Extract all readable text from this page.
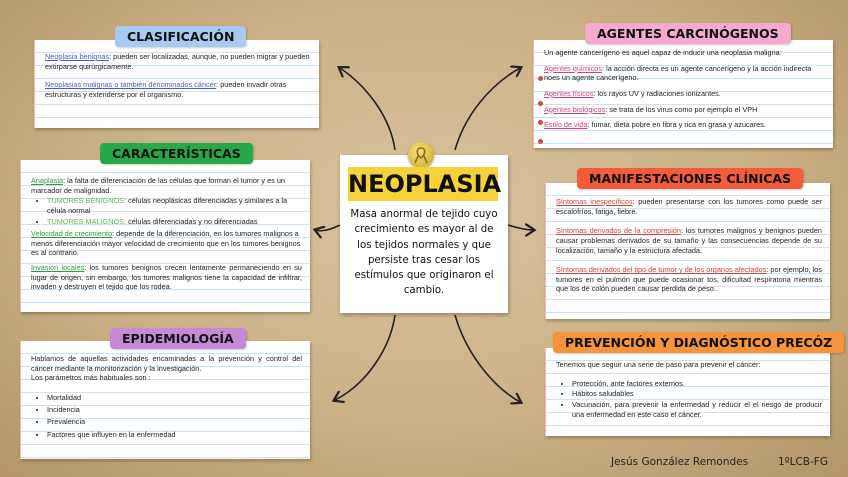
NEOPLASIA
Masa anormal de tejido cuyo crecimiento es mayor al de los tejidos normales y que persiste tras cesar los estímulos que originaron el cambio.

Neoplasia benignas: pueden ser localizadas, aunque, no pueden migrar y pueden extirparse quirúrgicamente.

Neoplasias malignas o también denominados cáncer: pueden invadir otras estructuras y extenderse por el organismo.

CLASIFICACIÓN

Anaplasia: la falta de diferenciación de las células que forman el tumor y es un marcador de malignidad.

• TUMORES BENIGNOS: células neoplásicas diferenciadas y similares a la célula normal
• TUMORES MALIGNOS: células diferenciadas y no diferenciadas

Velocidad de crecimiento: depende de la diferenciación, en los tumores malignos a menos diferenciación mayor velocidad de crecimiento que en los tumores benignos es al contrario.

Invasión locales: los tumores benignos crecen lentamente permaneciendo en su lugar de origen, sin embargo, los tumores malignos tiene la capacidad de infiltrar, invaden y destruyen el tejido que los rodea.

CARACTERÍSTICAS

Hablamos de aquellas actividades encaminadas a la prevención y control del cáncer mediante la monitorización y la investigación.

Los parámetros más habituales son :

• Mortalidad
• Incidencia
• Prevalencia
• Factores que influyen en la enfermedad
EPIDEMIOLOGÍA

Un agente cancerígeno es aquel capaz de inducir una neoplasia maligna:

Agentes químicos: la acción directa es un agente cancerígeno y la acción indirecta noes un agente cancerígeno.

Agentes físicos: los rayos UV y radiaciones ionizantes.

Agentes biológicos: se trata de los virus como por ejemplo el VPH

Estilo de vida: fumar, dieta pobre en fibra y rica en grasa y azucares.

AGENTES CARCINÓGENOS

Síntomas inespecíficos: pueden presentarse con los tumores como puede ser escalofríos, fatiga, fiebre.

Síntomas derivados de la compresión: los tumores malignos y benignos pueden causar problemas derivados de su tamaño y las consecuencias depende de su localización, tamaño y la estructura afectada.

Síntomas derivados del tipo de tumor y de los órganos afectados: por ejemplo, los tumores en el pulmón que puede ocasionar tos, dificultad respiratoria mientras que los de colón pueden causar perdida de peso..

MANIFESTACIONES CLÍNICAS

Tenemos que seguir una serie de paso para prevenir el cáncer:

• Protección, ante factores externos.
• Hábitos saludables
• Vacunación, para prevenir la enfermedad y reducir el el riesgo de producir una enfermedad en este caso el cáncer.
PREVENCIÓN Y DIAGNÓSTICO PRECÓZ
Jesús González Remondes	1ºLCB-FG
